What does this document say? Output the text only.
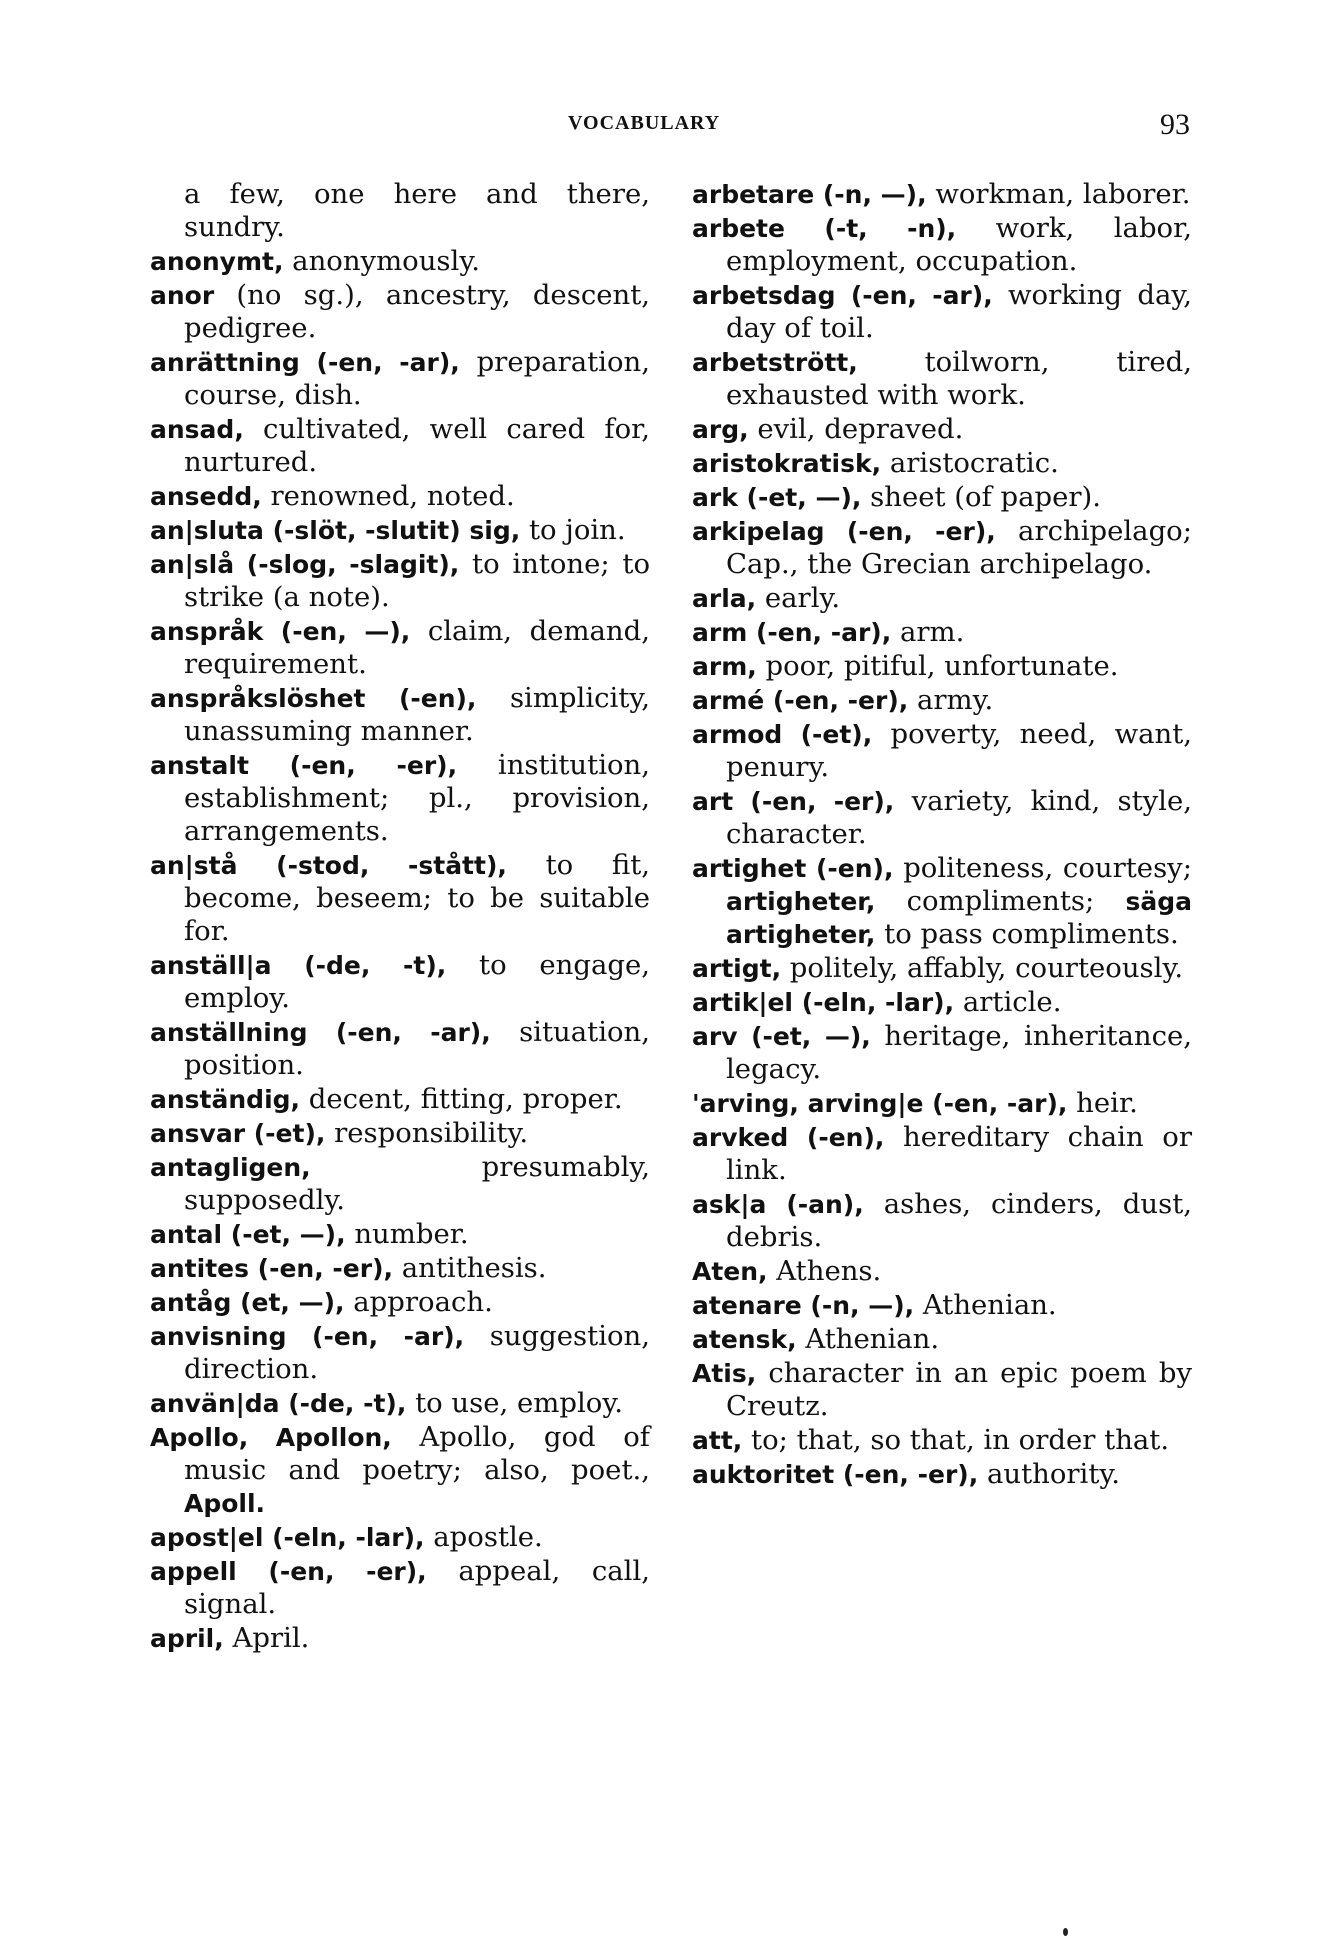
VOCABULARY	93

a few, one here and there, sundry.

anonymt, anonymously.

anor (no sg.), ancestry, descent, pedigree.

anrättning (-en, -ar), preparation, course, dish.

ansad, cultivated, well cared for, nurtured.

ansedd, renowned, noted.

an|sluta (-slöt, -slutit) sig, to join.

an|slå (-slog, -slagit), to intone; to strike (a note).

anspråk (-en, —), claim, demand, requirement.

anspråkslöshet (-en), simplicity, unassuming manner.

anstalt (-en, -er), institution, establishment; pl., provision, arrangements.

an|stå (-stod, -stått), to fit, become, beseem; to be suitable for.

anställ|a (-de, -t), to engage, employ.

anställning (-en, -ar), situation, position.

anständig, decent, fitting, proper.

ansvar (-et), responsibility.

antagligen, presumably, supposedly.

antal (-et, —), number.

antites (-en, -er), antithesis.

antåg (et, —), approach.

anvisning (-en, -ar), suggestion, direction.

använ|da (-de, -t), to use, employ.

Apollo, Apollon, Apollo, god of music and poetry; also, poet., Apoll.

apost|el (-eln, -lar), apostle.

appell (-en, -er), appeal, call, signal.

april, April.

arbetare (-n, —), workman, laborer.

arbete (-t, -n), work, labor, employment, occupation.

arbetsdag (-en, -ar), working day, day of toil.

arbetstrött, toilworn, tired, exhausted with work.

arg, evil, depraved.

aristokratisk, aristocratic.

ark (-et, —), sheet (of paper).

arkipelag (-en, -er), archipelago; Cap., the Grecian archipelago.

arla, early.

arm (-en, -ar), arm.

arm, poor, pitiful, unfortunate.

armé (-en, -er), army.

armod (-et), poverty, need, want, penury.

art (-en, -er), variety, kind, style, character.

artighet (-en), politeness, courtesy; artigheter, compliments; säga artigheter, to pass compliments.

artigt, politely, affably, courteously.

artik|el (-eln, -lar), article.

arv (-et, —), heritage, inheritance, legacy.

'arving, arving|e (-en, -ar), heir.

arvked (-en), hereditary chain or link.

ask|a (-an), ashes, cinders, dust, debris.

Aten, Athens.

atenare (-n, —), Athenian.

atensk, Athenian.

Atis, character in an epic poem by Creutz.

att, to; that, so that, in order that.

auktoritet (-en, -er), authority.
